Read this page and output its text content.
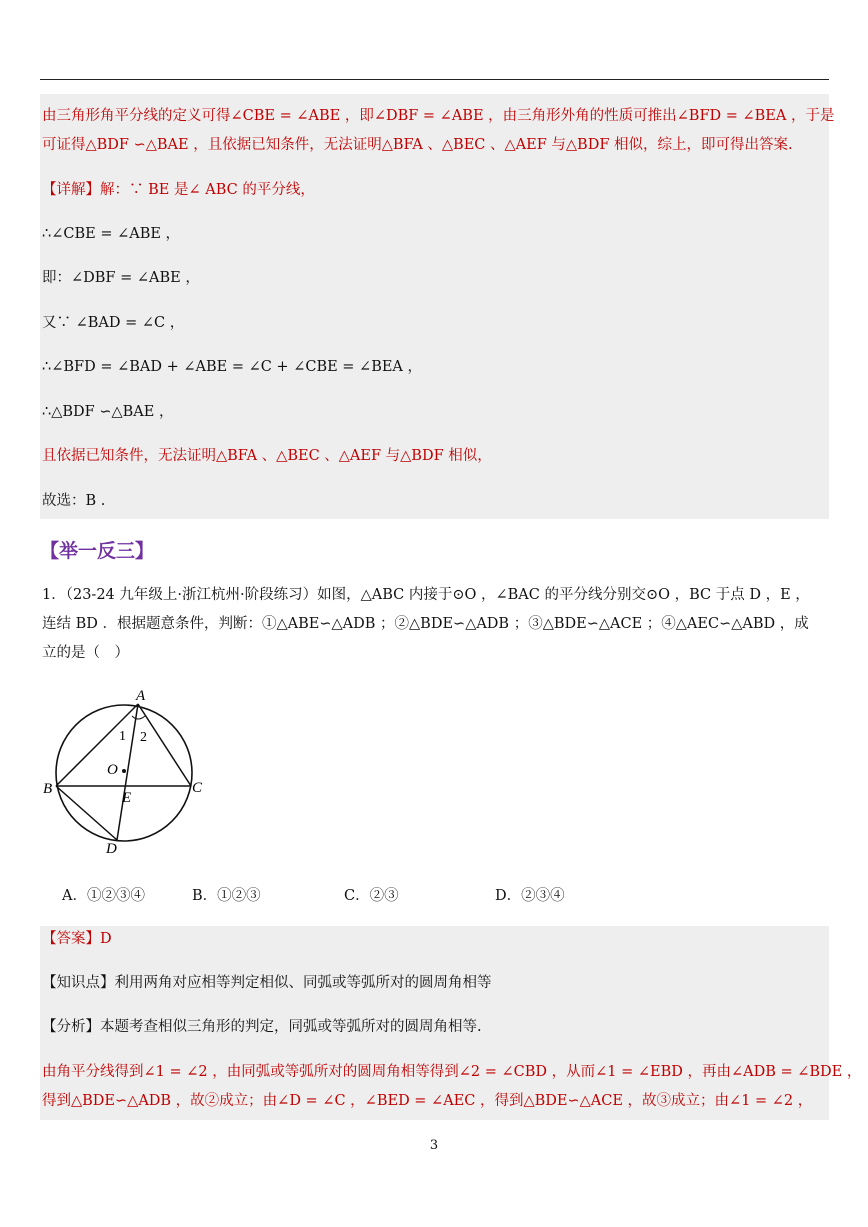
由三角形角平分线的定义可得∠CBE = ∠ABE ，即∠DBF = ∠ABE ，由三角形外角的性质可推出∠BFD = ∠BEA ，于是
可证得△BDF ∽△BAE ，且依据已知条件，无法证明△BFA 、△BEC 、△AEF 与△BDF 相似，综上，即可得出答案.
【详解】解：∵ BE 是∠ ABC 的平分线，
∴∠CBE = ∠ABE ，
即：∠DBF = ∠ABE ，
又∵ ∠BAD = ∠C ，
∴∠BFD = ∠BAD + ∠ABE = ∠C + ∠CBE = ∠BEA ，
∴△BDF ∽△BAE ，
且依据已知条件，无法证明△BFA 、△BEC 、△AEF 与△BDF 相似，
故选：B .
【举一反三】
1．（23-24 九年级上·浙江杭州·阶段练习）如图，△ABC 内接于⊙O ，∠BAC 的平分线分别交⊙O ，BC 于点 D ，E ，
连结 BD ．根据题意条件，判断：①△ABE∽△ADB ；②△BDE∽△ADB ；③△BDE∽△ACE ；④△AEC∽△ABD ，成
立的是（　）
A
B	C
D
E
O
1 2
A．①②③④	B．①②③	C．②③	D．②③④
【答案】D
【知识点】利用两角对应相等判定相似、同弧或等弧所对的圆周角相等
【分析】本题考查相似三角形的判定，同弧或等弧所对的圆周角相等.
由角平分线得到∠1 = ∠2 ，由同弧或等弧所对的圆周角相等得到∠2 = ∠CBD ，从而∠1 = ∠EBD ，再由∠ADB = ∠BDE ，
得到△BDE∽△ADB ，故②成立；由∠D = ∠C ，∠BED = ∠AEC ，得到△BDE∽△ACE ，故③成立；由∠1 = ∠2 ，
3
